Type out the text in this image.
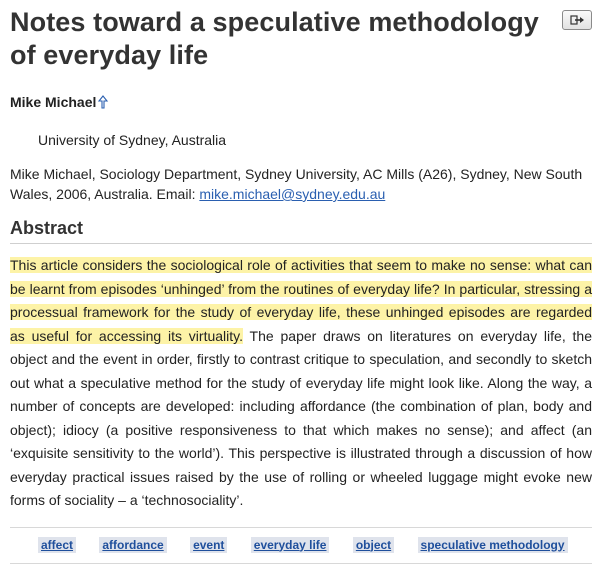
Notes toward a speculative methodology of everyday life
Mike Michael
University of Sydney, Australia
Mike Michael, Sociology Department, Sydney University, AC Mills (A26), Sydney, New South Wales, 2006, Australia. Email: mike.michael@sydney.edu.au
Abstract
This article considers the sociological role of activities that seem to make no sense: what can be learnt from episodes ‘unhinged’ from the routines of everyday life? In particular, stressing a processual framework for the study of everyday life, these unhinged episodes are regarded as useful for accessing its virtuality. The paper draws on literatures on everyday life, the object and the event in order, firstly to contrast critique to speculation, and secondly to sketch out what a speculative method for the study of everyday life might look like. Along the way, a number of concepts are developed: including affordance (the combination of plan, body and object); idiocy (a positive responsiveness to that which makes no sense); and affect (an ‘exquisite sensitivity to the world’). This perspective is illustrated through a discussion of how everyday practical issues raised by the use of rolling or wheeled luggage might evoke new forms of sociality – a ‘technosociality’.
affect affordance event everyday life object speculative methodology
